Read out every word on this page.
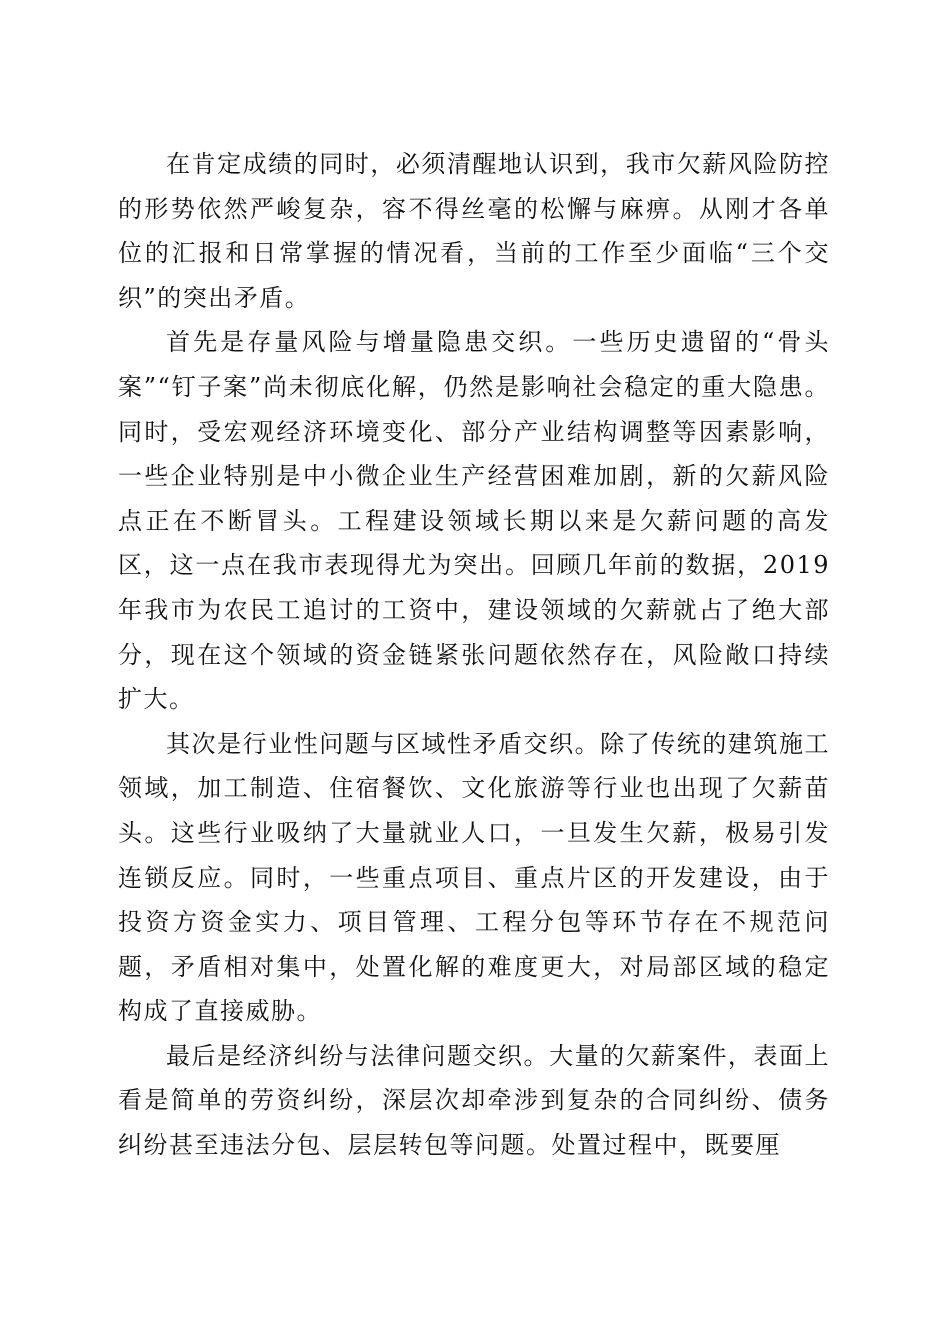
在肯定成绩的同时，必须清醒地认识到，我市欠薪风险防控的形势依然严峻复杂，容不得丝毫的松懈与麻痹。从刚才各单位的汇报和日常掌握的情况看，当前的工作至少面临“三个交织”的突出矛盾。

首先是存量风险与增量隐患交织。一些历史遗留的“骨头案”“钉子案”尚未彻底化解，仍然是影响社会稳定的重大隐患。同时，受宏观经济环境变化、部分产业结构调整等因素影响，一些企业特别是中小微企业生产经营困难加剧，新的欠薪风险点正在不断冒头。工程建设领域长期以来是欠薪问题的高发区，这一点在我市表现得尤为突出。回顾几年前的数据，2019年我市为农民工追讨的工资中，建设领域的欠薪就占了绝大部分，现在这个领域的资金链紧张问题依然存在，风险敞口持续扩大。

其次是行业性问题与区域性矛盾交织。除了传统的建筑施工领域，加工制造、住宿餐饮、文化旅游等行业也出现了欠薪苗头。这些行业吸纳了大量就业人口，一旦发生欠薪，极易引发连锁反应。同时，一些重点项目、重点片区的开发建设，由于投资方资金实力、项目管理、工程分包等环节存在不规范问题，矛盾相对集中，处置化解的难度更大，对局部区域的稳定构成了直接威胁。

最后是经济纠纷与法律问题交织。大量的欠薪案件，表面上看是简单的劳资纠纷，深层次却牵涉到复杂的合同纠纷、债务纠纷甚至违法分包、层层转包等问题。处置过程中，既要厘
